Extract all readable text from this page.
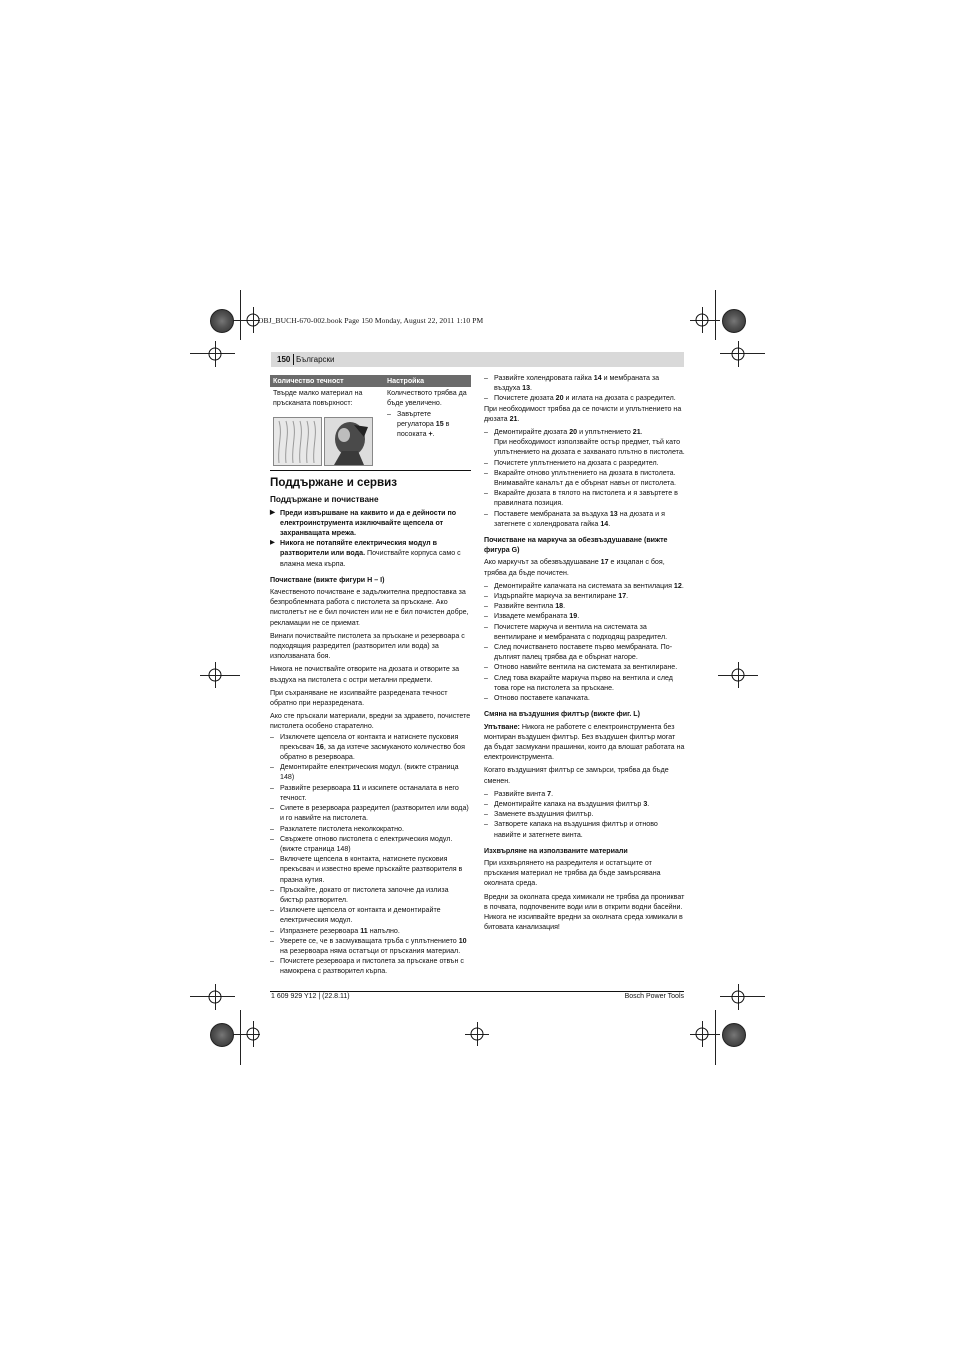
OBJ_BUCH-670-002.book Page 150 Monday, August 22, 2011 1:10 PM
150 Български
Количество течност	Настройка

Твърде малко материал на пръсканата повърхност:	Количеството трябва да бъде увеличено.
– Завъртете регулатора 15 в посоката +.
Поддържане и сервиз
Поддържане и почистване
▶ Преди извършване на каквито и да е дейности по електроинструмента изключвайте щепсела от захранващата мрежа.
▶ Никога не потапяйте електрическия модул в разтворители или вода. Почиствайте корпуса само с влажна мека кърпа.
Почистване (вижте фигури H – I)

Качественото почистване е задължителна предпоставка за безпроблемната работа с пистолета за пръскане. Ако пистолетът не е бил почистен или не е бил почистен добре, рекламации не се приемат.

Винаги почиствайте пистолета за пръскане и резервоара с подходящия разредител (разтворител или вода) за използваната боя.

Никога не почиствайте отворите на дюзата и отворите за въздуха на пистолета с остри метални предмети.

При съхраняване не изсипвайте разредената течност обратно при неразредената.

Ако сте пръскали материали, вредни за здравето, почистете пистолета особено старателно.

– Изключете щепсела от контакта и натиснете пусковия прекъсвач 16, за да изтече засмуканото количество боя обратно в резервоара.
– Демонтирайте електрическия модул. (вижте страница 148)
– Развийте резервоара 11 и изсипете останалата в него течност.
– Сипете в резервоара разредител (разтворител или вода) и го навийте на пистолета.
– Разклатете пистолета неколкократно.
– Свържете отново пистолета с електрическия модул. (вижте страница 148)
– Включете щепсела в контакта, натиснете пусковия прекъсвач и известно време пръскайте разтворителя в празна кутия.
– Пръскайте, докато от пистолета започне да излиза бистър разтворител.
– Изключете щепсела от контакта и демонтирайте електрическия модул.
– Изпразнете резервоара 11 напълно.
– Уверете се, че в засмукващата тръба с уплътнението 10 на резервоара няма остатъци от пръскания материал.
– Почистете резервоара и пистолета за пръскане отвън с намокрена с разтворител кърпа.
– Развийте холендровата гайка 14 и мембраната за въздуха 13.
– Почистете дюзата 20 и иглата на дюзата с разредител.

При необходимост трябва да се почисти и уплътнението на дюзата 21.

– Демонтирайте дюзата 20 и уплътнението 21.
При необходимост използвайте остър предмет, тъй като уплътнението на дюзата е захванато плътно в пистолета.
– Почистете уплътнението на дюзата с разредител.
– Вкарайте отново уплътнението на дюзата в пистолета. Внимавайте каналът да е обърнат навън от пистолета.
– Вкарайте дюзата в тялото на пистолета и я завъртете в правилната позиция.
– Поставете мембраната за въздуха 13 на дюзата и я затегнете с холендровата гайка 14.
Почистване на маркуча за обезвъздушаване (вижте фигура G)

Ако маркучът за обезвъздушаване 17 е изцапан с боя, трябва да бъде почистен.

– Демонтирайте капачката на системата за вентилация 12.
– Издърпайте маркуча за вентилиране 17.
– Развийте вентила 18.
– Извадете мембраната 19.
– Почистете маркуча и вентила на системата за вентилиране и мембраната с подходящ разредител.
– След почистването поставете първо мембраната. По-дългият палец трябва да е обърнат нагоре.
– Отново навийте вентила на системата за вентилиране.
– След това вкарайте маркуча първо на вентила и след това горе на пистолета за пръскане.
– Отново поставете капачката.
Смяна на въздушния филтър (вижте фиг. L)

Упътване: Никога не работете с електроинструмента без монтиран въздушен филтър. Без въздушен филтър могат да бъдат засмукани прашинки, които да влошат работата на електроинструмента.

Когато въздушният филтър се замърси, трябва да бъде сменен.

– Развийте винта 7.
– Демонтирайте капака на въздушния филтър 3.
– Заменете въздушния филтър.
– Затворете капака на въздушния филтър и отново навийте и затегнете винта.
Изхвърляне на използваните материали

При изхвърлянето на разредителя и остатъците от пръскания материал не трябва да бъде замърсявана околната среда.

Вредни за околната среда химикали не трябва да проникват в почвата, подпочвените води или в открити водни басейни. Никога не изсипвайте вредни за околната среда химикали в битовата канализация!

1 609 929 Y12 | (22.8.11)	Bosch Power Tools
